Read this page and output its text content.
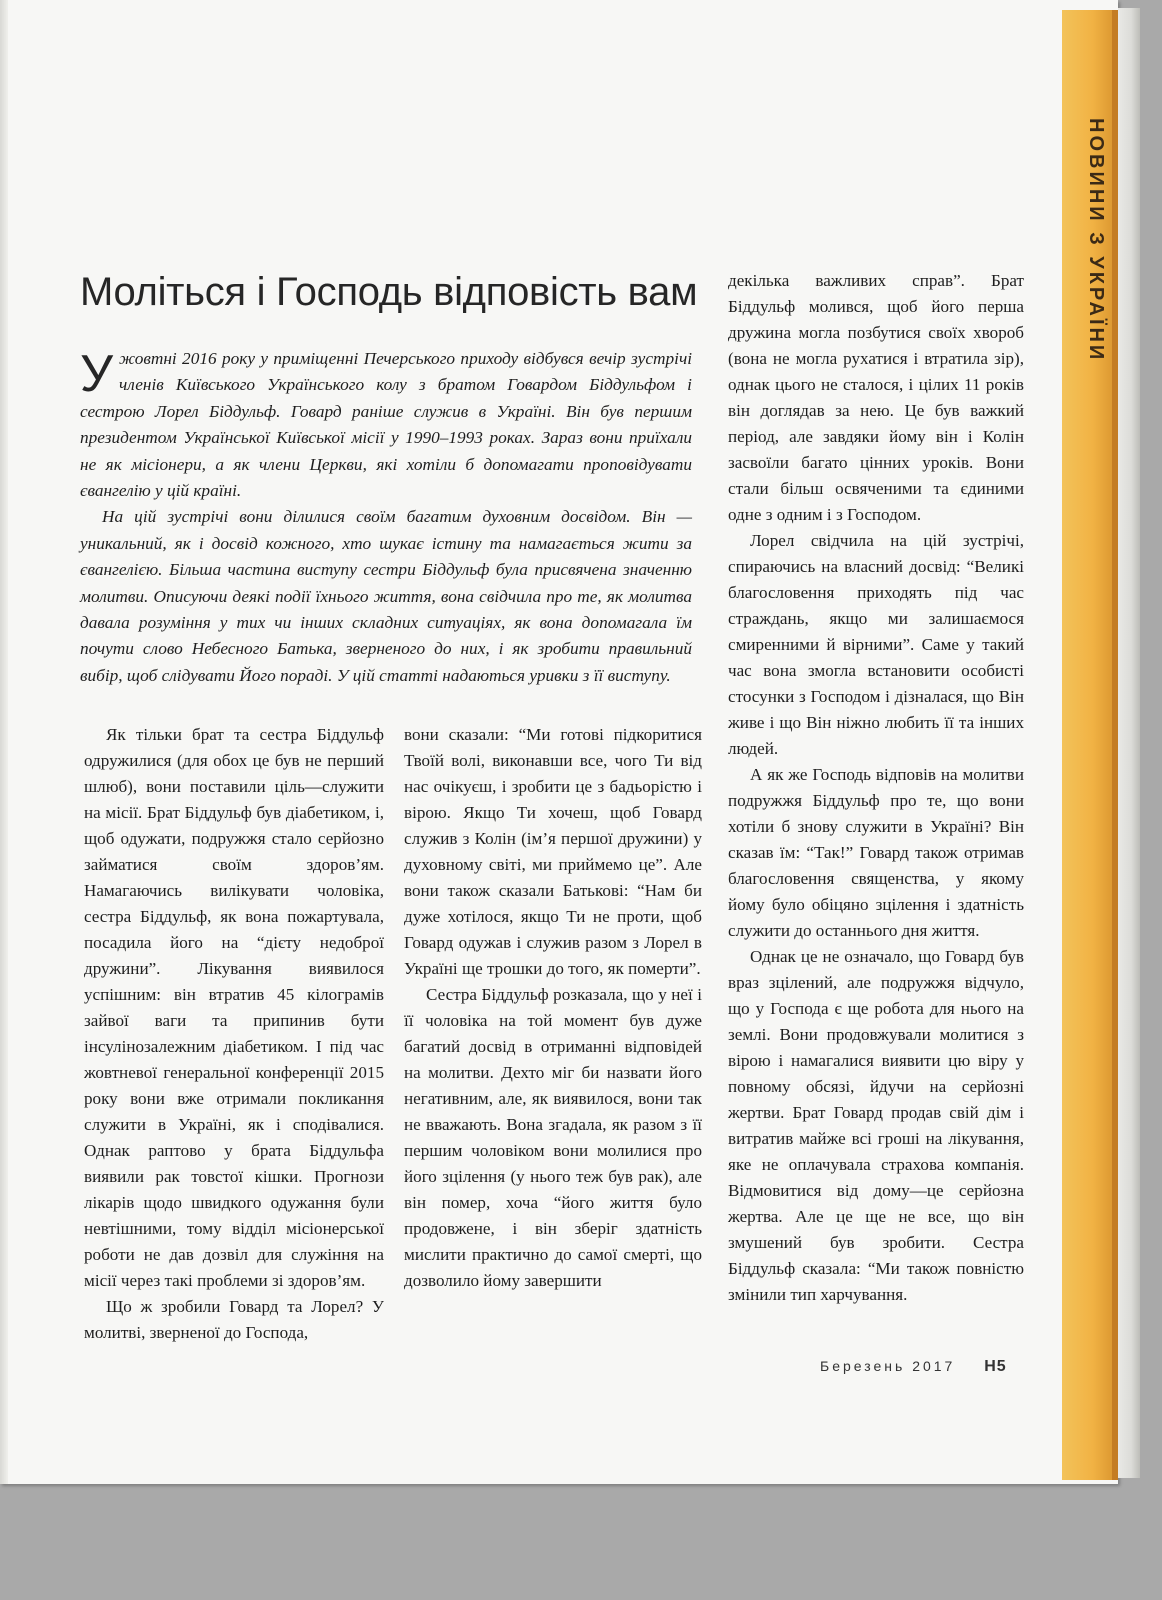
Моліться і Господь відповість вам

Ужовтні 2016 року у приміщенні Печерського приходу відбувся вечір зустрічі членів Київського Українського колу з братом Говардом Біддульфом і сестрою Лорел Біддульф. Говард раніше служив в Україні. Він був першим президентом Української Київської місії у 1990–1993 роках. Зараз вони приїхали не як місіонери, а як члени Церкви, які хотіли б допомагати проповідувати євангелію у цій країні.

На цій зустрічі вони ділилися своїм багатим духовним досвідом. Він —уникальний, як і досвід кожного, хто шукає істину та намагається жити за євангелією. Більша частина виступу сестри Біддульф була присвячена значенню молитви. Описуючи деякі події їхнього життя, вона свідчила про те, як молитва давала розуміння у тих чи інших складних ситуаціях, як вона допомагала їм почути слово Небесного Батька, зверненого до них, і як зробити правильний вибір, щоб слідувати Його пораді. У цій статті надаються уривки з її виступу.

Як тільки брат та сестра Біддульф одружилися (для обох це був не перший шлюб), вони поставили ціль—служити на місії. Брат Біддульф був діабетиком, і, щоб одужати, подружжя стало серйозно займатися своїм здоров’ям. Намагаючись вилікувати чоловіка, сестра Біддульф, як вона пожартувала, посадила його на “дієту недоброї дружини”. Лікування виявилося успішним: він втратив 45 кілограмів зайвої ваги та припинив бути інсулінозалежним діабетиком. І під час жовтневої генеральної конференції 2015 року вони вже отримали покликання служити в Україні, як і сподівалися. Однак раптово у брата Біддульфа виявили рак товстої кішки. Прогнози лікарів щодо швидкого одужання були невтішними, тому відділ місіонерської роботи не дав дозвіл для служіння на місії через такі проблеми зі здоров’ям.

Що ж зробили Говард та Лорел? У молитві, зверненої до Господа,

вони сказали: “Ми готові підкоритися Твоїй волі, виконавши все, чого Ти від нас очікуєш, і зробити це з бадьорістю і вірою. Якщо Ти хочеш, щоб Говард служив з Колін (ім’я першої дружини) у духовному світі, ми приймемо це”. Але вони також сказали Батькові: “Нам би дуже хотілося, якщо Ти не проти, щоб Говард одужав і служив разом з Лорел в Україні ще трошки до того, як померти”.

Сестра Біддульф розказала, що у неї і її чоловіка на той момент був дуже багатий досвід в отриманні відповідей на молитви. Дехто міг би назвати його негативним, але, як виявилося, вони так не вважають. Вона згадала, як разом з її першим чоловіком вони молилися про його зцілення (у нього теж був рак), але він помер, хоча “його життя було продовжене, і він зберіг здатність мислити практично до самої смерті, що дозволило йому завершити

декілька важливих справ”. Брат Біддульф молився, щоб його перша дружина могла позбутися своїх хвороб (вона не могла рухатися і втратила зір), однак цього не сталося, і цілих 11 років він доглядав за нею. Це був важкий період, але завдяки йому він і Колін засвоїли багато цінних уроків. Вони стали більш освяченими та єдиними одне з одним і з Господом.

Лорел свідчила на цій зустрічі, спираючись на власний досвід: “Великі благословення приходять під час страждань, якщо ми залишаємося смиренними й вірними”. Саме у такий час вона змогла встановити особисті стосунки з Господом і дізналася, що Він живе і що Він ніжно любить її та інших людей.

А як же Господь відповів на молитви подружжя Біддульф про те, що вони хотіли б знову служити в Україні? Він сказав їм: “Так!” Говард також отримав благословення священства, у якому йому було обіцяно зцілення і здатність служити до останнього дня життя.

Однак це не означало, що Говард був враз зцілений, але подружжя відчуло, що у Господа є ще робота для нього на землі. Вони продовжували молитися з вірою і намагалися виявити цю віру у повному обсязі, йдучи на серйозні жертви. Брат Говард продав свій дім і витратив майже всі гроші на лікування, яке не оплачувала страхова компанія. Відмовитися від дому—це серйозна жертва. Але це ще не все, що він змушений був зробити. Сестра Біддульф сказала: “Ми також повністю змінили тип харчування.

Березень 2017 H5
НОВИНИ З УКРАЇНИ
